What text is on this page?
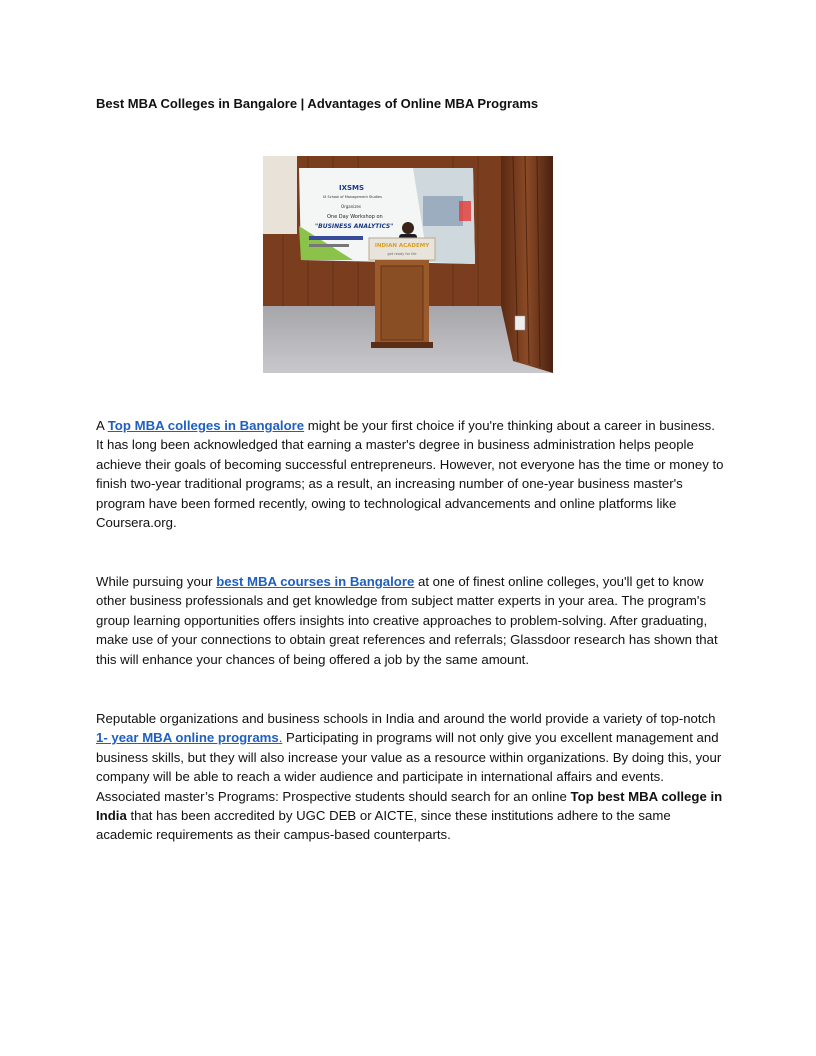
Best MBA Colleges in Bangalore | Advantages of Online MBA Programs
IXSMS
IX School of Management Studies
Organizes
One Day Workshop on
"BUSINESS ANALYTICS"
INDIAN ACADEMY
get ready for life
A Top MBA colleges in Bangalore might be your first choice if you're thinking about a career in business. It has long been acknowledged that earning a master's degree in business administration helps people achieve their goals of becoming successful entrepreneurs. However, not everyone has the time or money to finish two-year traditional programs; as a result, an increasing number of one-year business master's program have been formed recently, owing to technological advancements and online platforms like Coursera.org.
While pursuing your best MBA courses in Bangalore at one of finest online colleges, you'll get to know other business professionals and get knowledge from subject matter experts in your area. The program's group learning opportunities offers insights into creative approaches to problem-solving. After graduating, make use of your connections to obtain great references and referrals; Glassdoor research has shown that this will enhance your chances of being offered a job by the same amount.
Reputable organizations and business schools in India and around the world provide a variety of top-notch 1- year MBA online programs. Participating in programs will not only give you excellent management and business skills, but they will also increase your value as a resource within organizations. By doing this, your company will be able to reach a wider audience and participate in international affairs and events. Associated master’s Programs: Prospective students should search for an online Top best MBA college in India that has been accredited by UGC DEB or AICTE, since these institutions adhere to the same academic requirements as their campus-based counterparts.
